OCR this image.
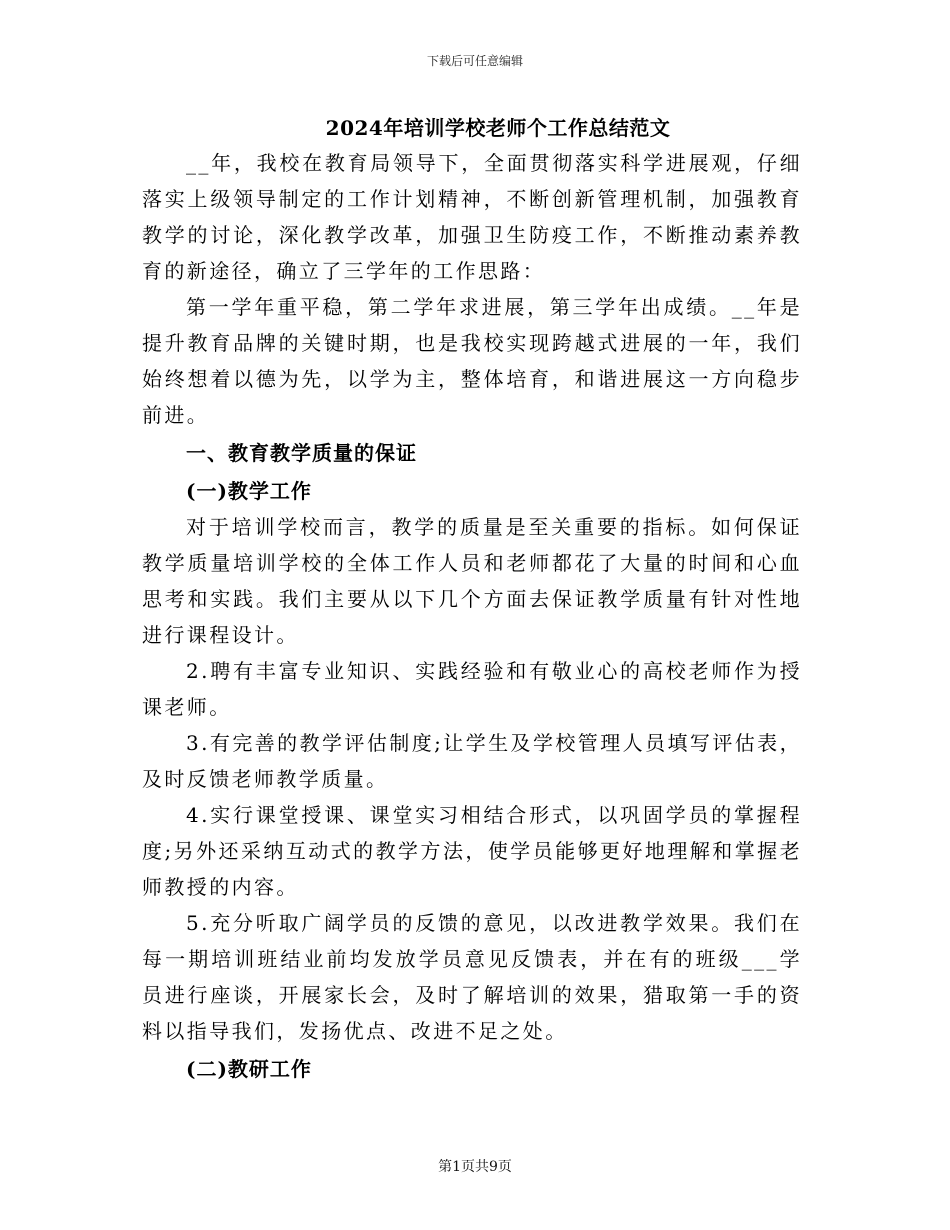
下载后可任意编辑
2024年培训学校老师个工作总结范文

__年，我校在教育局领导下，全面贯彻落实科学进展观，仔细落实上级领导制定的工作计划精神，不断创新管理机制，加强教育教学的讨论，深化教学改革，加强卫生防疫工作，不断推动素养教育的新途径，确立了三学年的工作思路：

第一学年重平稳，第二学年求进展，第三学年出成绩。__年是提升教育品牌的关键时期，也是我校实现跨越式进展的一年，我们始终想着以德为先，以学为主，整体培育，和谐进展这一方向稳步前进。

一、教育教学质量的保证

(一)教学工作

对于培训学校而言，教学的质量是至关重要的指标。如何保证教学质量培训学校的全体工作人员和老师都花了大量的时间和心血思考和实践。我们主要从以下几个方面去保证教学质量有针对性地进行课程设计。

2.聘有丰富专业知识、实践经验和有敬业心的高校老师作为授课老师。

3.有完善的教学评估制度;让学生及学校管理人员填写评估表，及时反馈老师教学质量。

4.实行课堂授课、课堂实习相结合形式，以巩固学员的掌握程度;另外还采纳互动式的教学方法，使学员能够更好地理解和掌握老师教授的内容。

5.充分听取广阔学员的反馈的意见，以改进教学效果。我们在每一期培训班结业前均发放学员意见反馈表，并在有的班级___学员进行座谈，开展家长会，及时了解培训的效果，猎取第一手的资料以指导我们，发扬优点、改进不足之处。

(二)教研工作

第1页共9页
